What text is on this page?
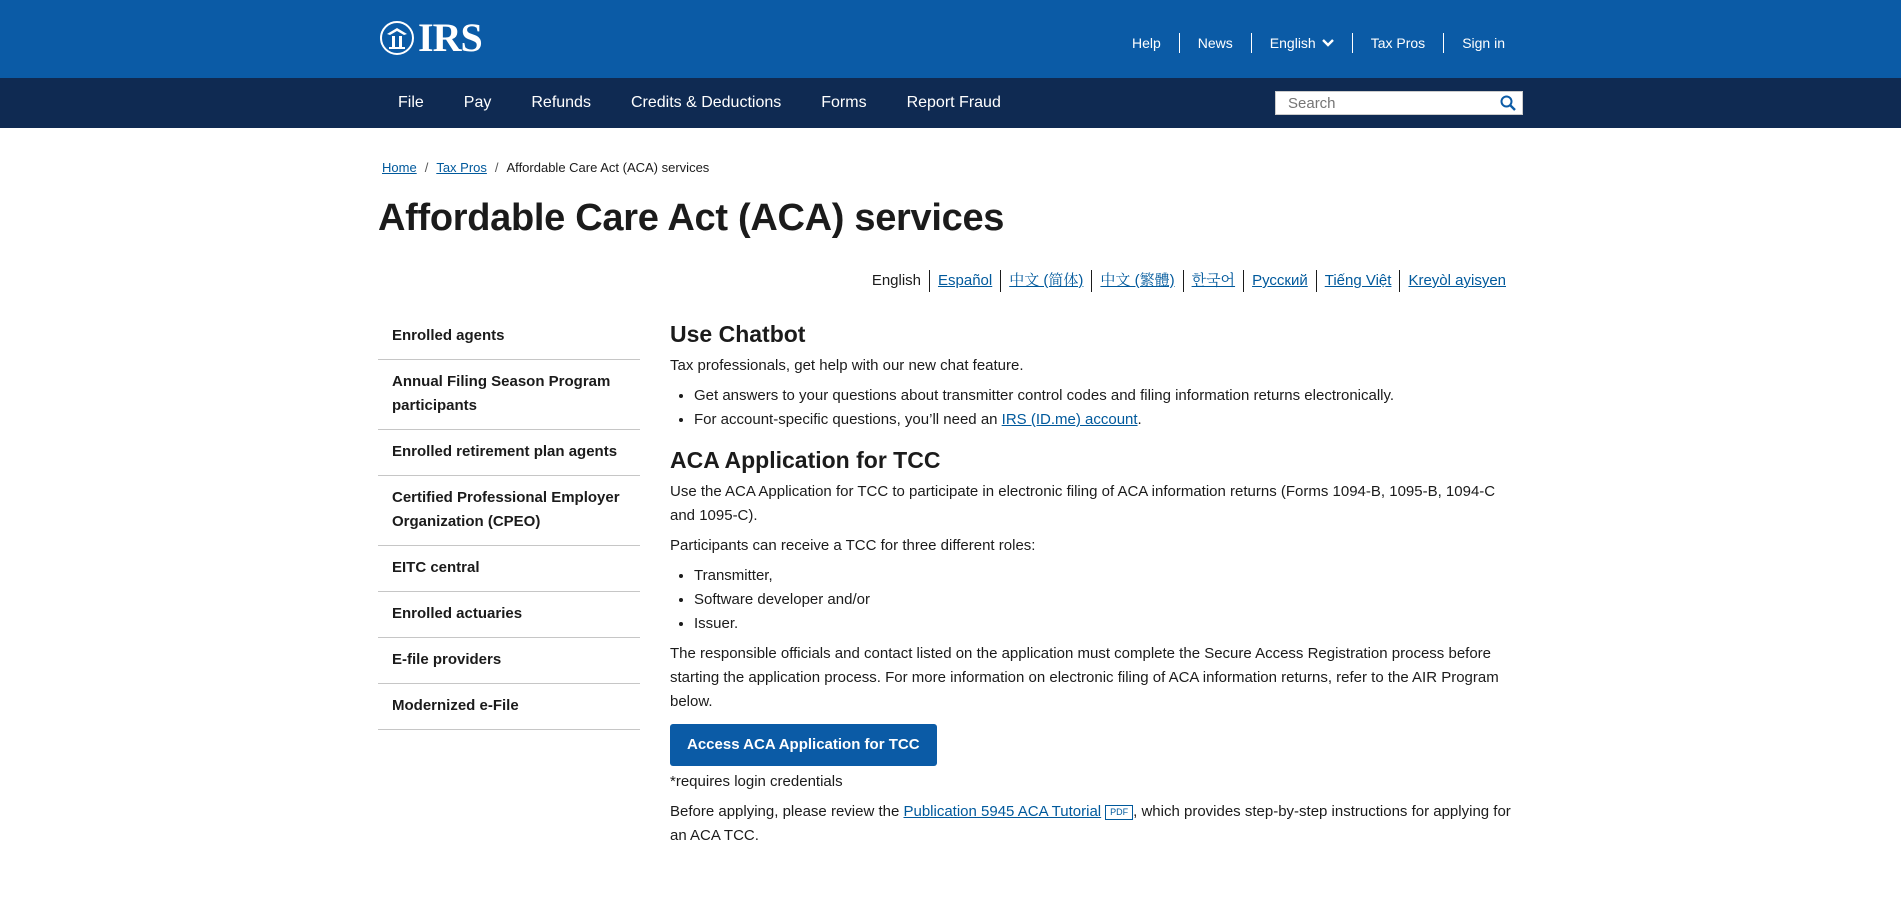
IRS	Help	News	English	Tax Pros	Sign in
File	Pay	Refunds	Credits & Deductions	Forms	Report Fraud
Search
Home / Tax Pros / Affordable Care Act (ACA) services
Affordable Care Act (ACA) services
English	Español	中文 (简体)	中文 (繁體)	한국어	Русский	Tiếng Việt	Kreyòl ayisyen
Enrolled agents
Annual Filing Season Program participants
Enrolled retirement plan agents
Certified Professional Employer Organization (CPEO)
EITC central
Enrolled actuaries
E-file providers
Modernized e-File
Use Chatbot

Tax professionals, get help with our new chat feature.

• Get answers to your questions about transmitter control codes and filing information returns electronically.
• For account-specific questions, you’ll need an IRS (ID.me) account.
ACA Application for TCC

Use the ACA Application for TCC to participate in electronic filing of ACA information returns (Forms 1094-B, 1095-B, 1094-C and 1095-C).

Participants can receive a TCC for three different roles:

• Transmitter,
• Software developer and/or
• Issuer.

The responsible officials and contact listed on the application must complete the Secure Access Registration process before starting the application process. For more information on electronic filing of ACA information returns, refer to the AIR Program below.

Access ACA Application for TCC

*requires login credentials

Before applying, please review the Publication 5945 ACA Tutorial PDF , which provides step-by-step instructions for applying for an ACA TCC.
